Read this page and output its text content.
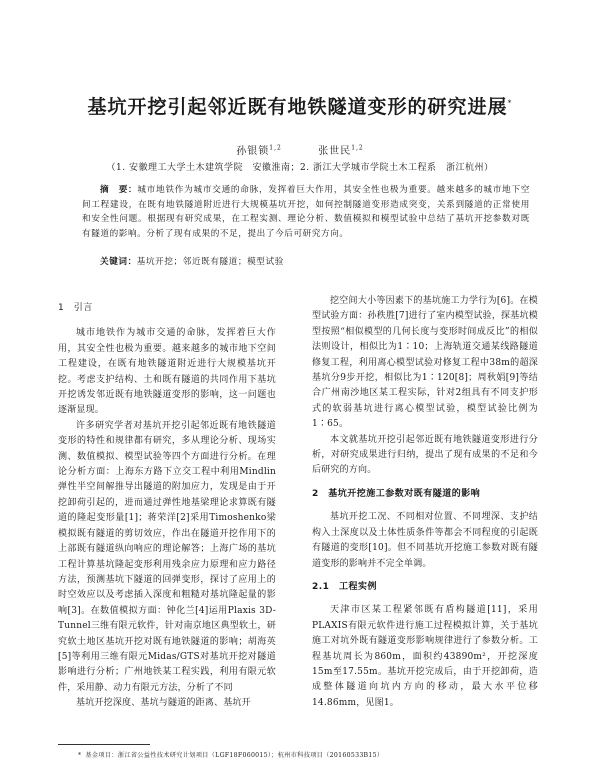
基坑开挖引起邻近既有地铁隧道变形的研究进展*
孙银锁$^{1,2}$	张世民$^{1,2}$
（1. 安徽理工大学土木建筑学院　安徽淮南；2. 浙江大学城市学院土木工程系　浙江杭州）
摘　要：城市地铁作为城市交通的命脉，发挥着巨大作用，其安全性也极为重要。越来越多的城市地下空间工程建设，在既有地铁隧道附近进行大规模基坑开挖，如何控制隧道变形造成突变，关系到隧道的正常使用和安全性问题。根据现有研究成果，在工程实测、理论分析、数值模拟和模型试验中总结了基坑开挖参数对既有隧道的影响。分析了现有成果的不足，提出了今后可研究方向。
关键词：基坑开挖；邻近既有隧道；模型试验
1　引言

城市地铁作为城市交通的命脉，发挥着巨大作用，其安全性也极为重要。越来越多的城市地下空间工程建设，在既有地铁隧道附近进行大规模基坑开挖。考虑支护结构、土和既有隧道的共同作用下基坑开挖诱发邻近既有地铁隧道变形的影响，这一问题也逐渐显现。

许多研究学者对基坑开挖引起邻近既有地铁隧道变形的特性和规律都有研究，多从理论分析、现场实测、数值模拟、模型试验等四个方面进行分析。在理论分析方面：上海东方路下立交工程中利用Mindlin弹性半空间解推导出隧道的附加应力，发现是由于开挖卸荷引起的，进而通过弹性地基梁理论求算既有隧道的隆起变形量[1]；蒋荣洋[2]采用Timoshenko梁模拟既有隧道的剪切效应，作出在隧道开挖作用下的上部既有隧道纵向响应的理论解答；上海广场的基坑工程计算基坑隆起变形利用残余应力原理和应力路径方法，预测基坑下隧道的回弹变形，探讨了应用上的时空效应以及考虑插入深度和粗糙对基坑隆起量的影响[3]。在数值模拟方面：钟化兰[4]运用Plaxis 3D-Tunnel三维有限元软件，针对南京地区典型软土，研究软土地区基坑开挖对既有地铁隧道的影响；胡海英[5]等利用三维有限元Midas/GTS对基坑开挖对隧道影响进行分析；广州地铁某工程实践，利用有限元软件，采用静、动力有限元方法，分析了不同

基坑开挖深度、基坑与隧道的距离、基坑开

挖空间大小等因素下的基坑施工力学行为[6]。在模型试验方面：孙秩胜[7]进行了室内模型试验，探基坑模型按照“相似模型的几何长度与变形时间成反比”的相似法则设计，相似比为1∶10；上海轨道交通某线路隧道修复工程，利用离心模型试验对修复工程中38m的超深基坑分9步开挖，相似比为1∶120[8]；周秋娟[9]等结合广州南沙地区某工程实际，针对2组具有不同支护形式的软弱基坑进行离心模型试验，模型试验比例为1∶65。

本文就基坑开挖引起邻近既有地铁隧道变形进行分析，对研究成果进行归纳，提出了现有成果的不足和今后研究的方向。

2　基坑开挖施工参数对既有隧道的影响

基坑开挖工况、不同相对位置、不同埋深、支护结构入土深度以及土体性质条件等都会不同程度的引起既有隧道的变形[10]。但不同基坑开挖施工参数对既有隧道变形的影响并不完全单调。

2.1　工程实例

天津市区某工程紧邻既有盾构隧道[11]，采用PLAXIS有限元软件进行施工过程模拟计算，关于基坑施工对坑外既有隧道变形影响规律进行了参数分析。工程基坑周长为860m，面积约43890m²，开挖深度15m至17.55m。基坑开挖完成后，由于开挖卸荷，造成整体隧道向坑内方向的移动，最大水平位移14.86mm，见图1。

* 基金项目：浙江省公益性技术研究计划项目（LGF18F060015）；杭州市科技项目（20160533B15）
